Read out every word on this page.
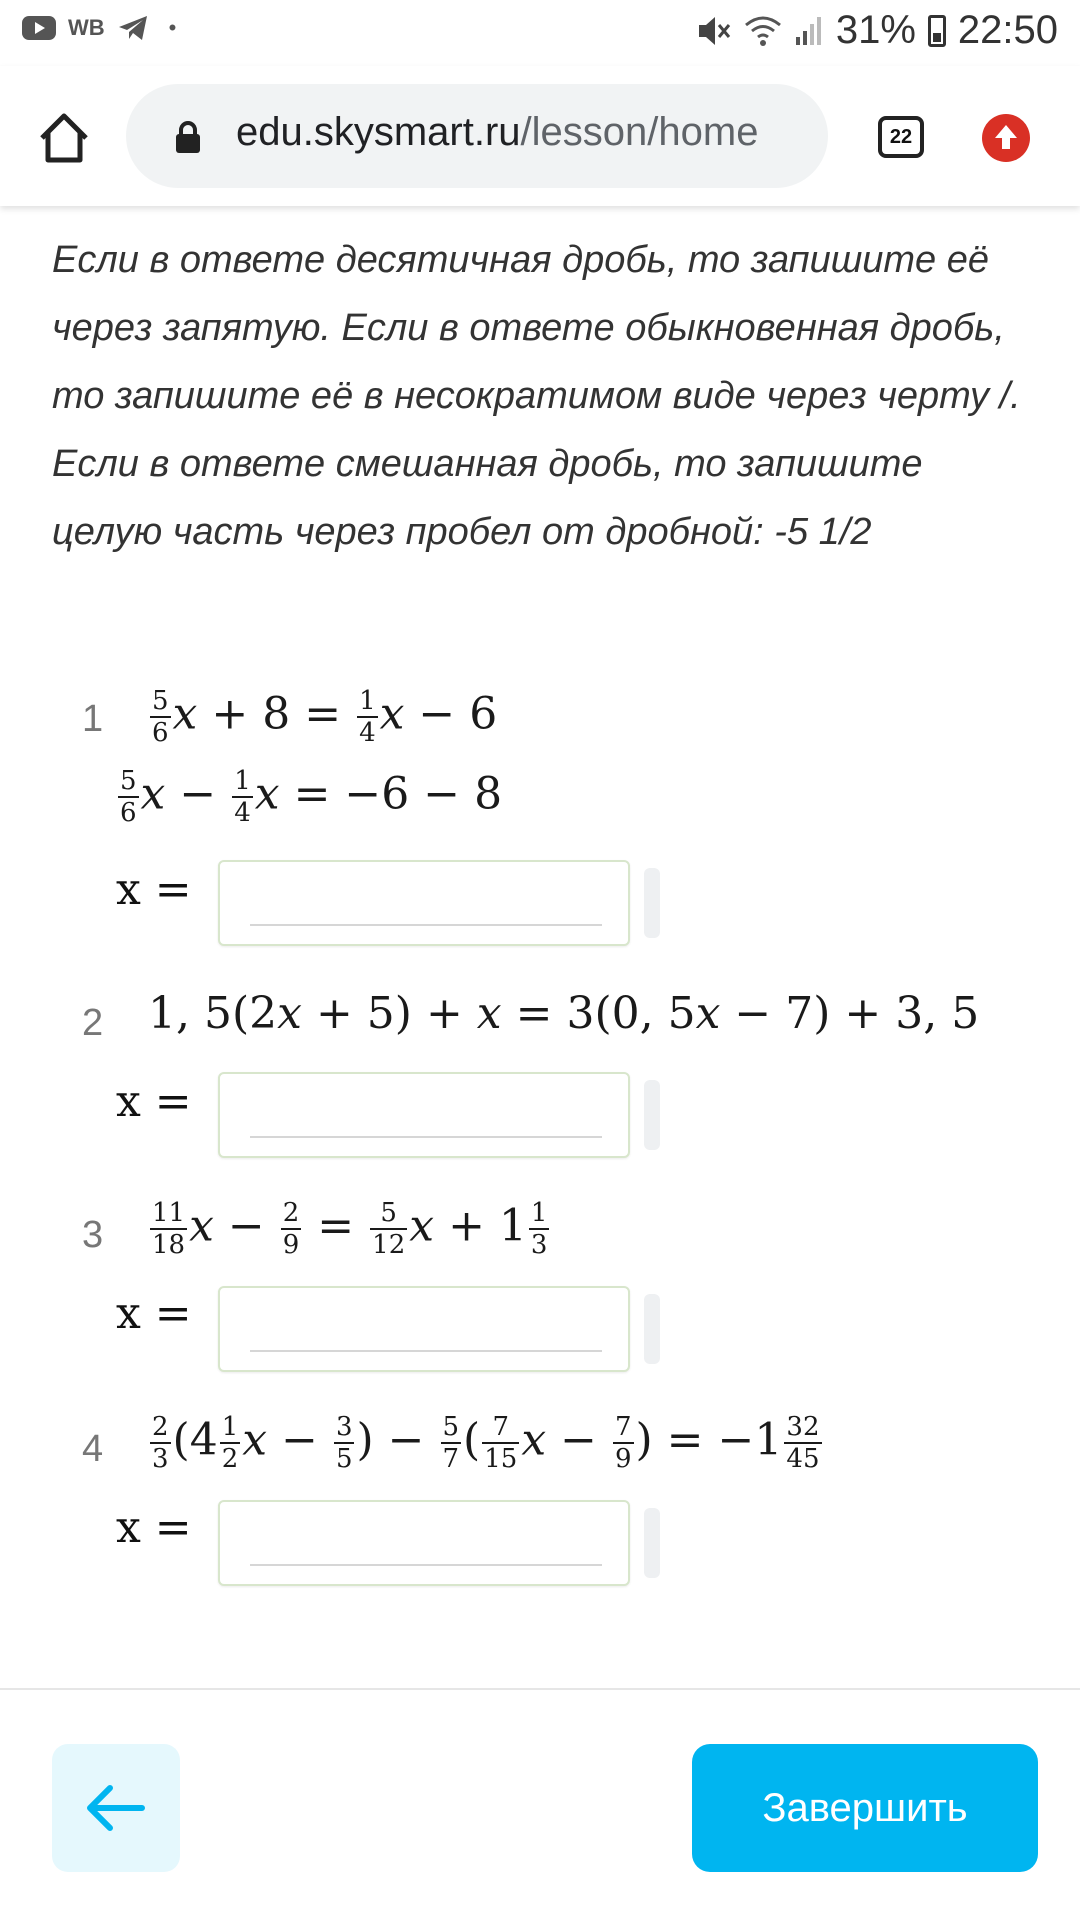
WB	•	31% 22:50
edu.skysmart.ru/lesson/home	22
Если в ответе десятичная дробь, то запишите её через запятую. Если в ответе обыкновенная дробь, то запишите её в несократимом виде через черту /. Если в ответе смешанная дробь, то запишите целую часть через пробел от дробной: -5 1/2
$1 \frac{5}{6}$ $x + 8 = \frac{1}{4}$ x − 6
$\frac{5}{6}$ $x - \frac{1}{4}$ x = −6 − 8
x =
2 1, 5(2x + 5) + x = 3(0, 5x − 7) + 3, 5
x =
$3 \frac{11}{18}$ $x - \frac{2}{9} = \frac{5}{12}$ $x + 1 \frac{1}{3}$
x =
$4 \frac{2}{3} (4 \frac{1}{2}$ $x - \frac{3}{5}$ ) − $\frac{5}{7}$ ( $\frac{7}{15}$ $x - \frac{7}{9}$ ) = $-1 \frac{32}{45}$
x =
Завершить
